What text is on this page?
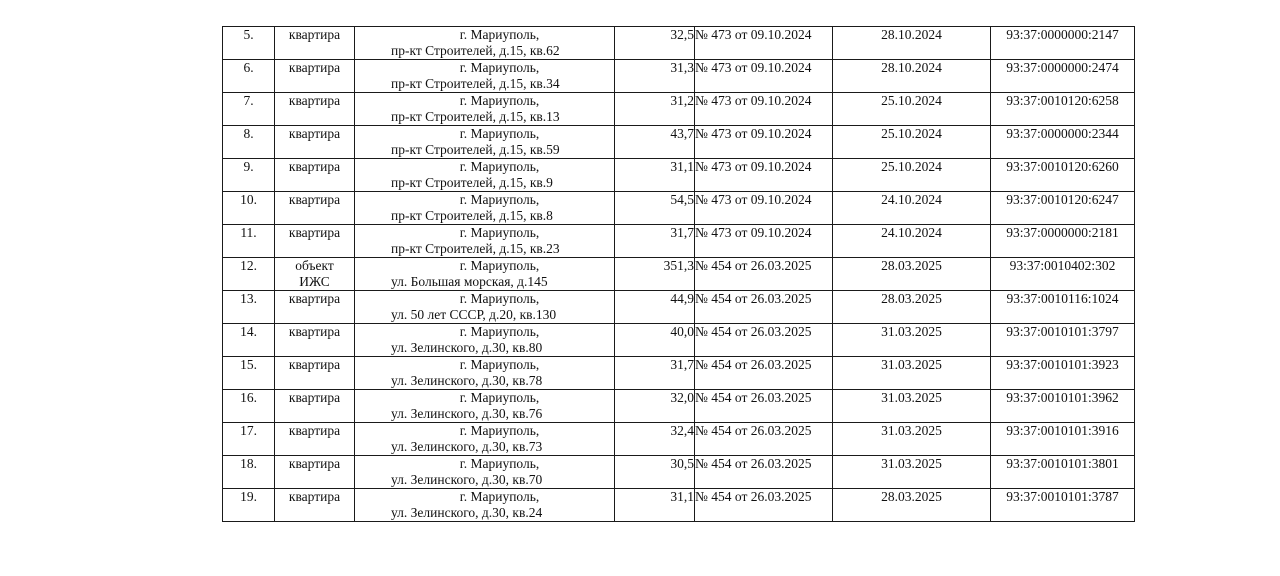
5.	квартира	г. Мариуполь,
пр-кт Строителей, д.15, кв.62	32,5	№ 473 от 09.10.2024	28.10.2024	93:37:0000000:2147
6.	квартира	г. Мариуполь,
пр-кт Строителей, д.15, кв.34	31,3	№ 473 от 09.10.2024	28.10.2024	93:37:0000000:2474
7.	квартира	г. Мариуполь,
пр-кт Строителей, д.15, кв.13	31,2	№ 473 от 09.10.2024	25.10.2024	93:37:0010120:6258
8.	квартира	г. Мариуполь,
пр-кт Строителей, д.15, кв.59	43,7	№ 473 от 09.10.2024	25.10.2024	93:37:0000000:2344
9.	квартира	г. Мариуполь,
пр-кт Строителей, д.15, кв.9	31,1	№ 473 от 09.10.2024	25.10.2024	93:37:0010120:6260
10.	квартира	г. Мариуполь,
пр-кт Строителей, д.15, кв.8	54,5	№ 473 от 09.10.2024	24.10.2024	93:37:0010120:6247
11.	квартира	г. Мариуполь,
пр-кт Строителей, д.15, кв.23	31,7	№ 473 от 09.10.2024	24.10.2024	93:37:0000000:2181
12.	объект
ИЖС	г. Мариуполь,
ул. Большая морская, д.145	351,3	№ 454 от 26.03.2025	28.03.2025	93:37:0010402:302
13.	квартира	г. Мариуполь,
ул. 50 лет СССР, д.20, кв.130	44,9	№ 454 от 26.03.2025	28.03.2025	93:37:0010116:1024
14.	квартира	г. Мариуполь,
ул. Зелинского, д.30, кв.80	40,0	№ 454 от 26.03.2025	31.03.2025	93:37:0010101:3797
15.	квартира	г. Мариуполь,
ул. Зелинского, д.30, кв.78	31,7	№ 454 от 26.03.2025	31.03.2025	93:37:0010101:3923
16.	квартира	г. Мариуполь,
ул. Зелинского, д.30, кв.76	32,0	№ 454 от 26.03.2025	31.03.2025	93:37:0010101:3962
17.	квартира	г. Мариуполь,
ул. Зелинского, д.30, кв.73	32,4	№ 454 от 26.03.2025	31.03.2025	93:37:0010101:3916
18.	квартира	г. Мариуполь,
ул. Зелинского, д.30, кв.70	30,5	№ 454 от 26.03.2025	31.03.2025	93:37:0010101:3801
19.	квартира	г. Мариуполь,
ул. Зелинского, д.30, кв.24	31,1	№ 454 от 26.03.2025	28.03.2025	93:37:0010101:3787
